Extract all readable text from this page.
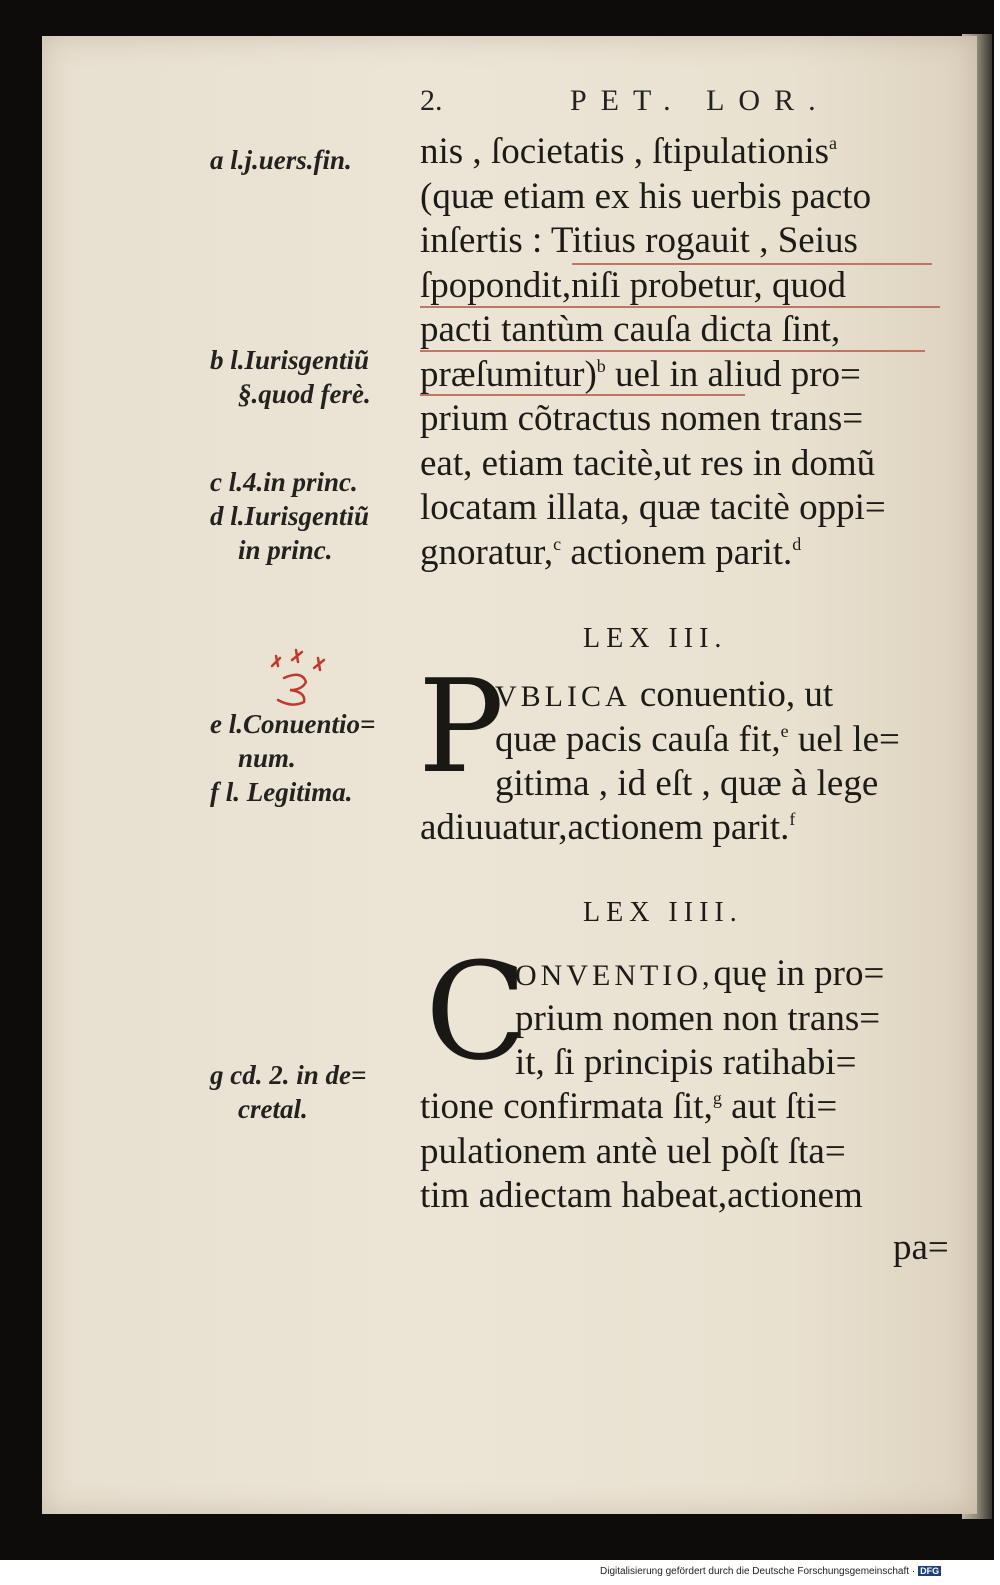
2.	PET. LOR.
nis , ſocietatis , ſtipulationis$^a$
(quæ etiam ex his uerbis pacto
inſertis : Titius rogauit , Seius
ſpopondit,niſi probetur, quod
pacti tantùm cauſa dicta ſint,
præſumitur)$^b$ uel in aliud pro=
prium cõtractus nomen trans=
eat, etiam tacitè,ut res in domũ
locatam illata, quæ tacitè oppi=
gnoratur,$^c$ actionem parit.$^d$
LEX III.
P
VBLICA conuentio, ut
quæ pacis cauſa fit,$^e$ uel le=
gitima , id eſt , quæ à lege
adiuuatur,actionem parit.$^f$
LEX IIII.
C
ONVENTIO,quę in pro=
prium nomen non trans=
it, ſi principis ratihabi=
tione confirmata ſit,$^g$ aut ſti=
pulationem antè uel pòſt ſta=
tim adiectam habeat,actionem
pa=
a l.j.uers.fin.
b l.Iurisgentiũ
§.quod ferè.
c l.4.in princ.
d l.Iurisgentiũ
in princ.
e l.Conuentio=
num.
f l. Legitima.
g cd. 2. in de=
cretal.
Digitalisierung gefördert durch die Deutsche Forschungsgemeinschaft · DFG
